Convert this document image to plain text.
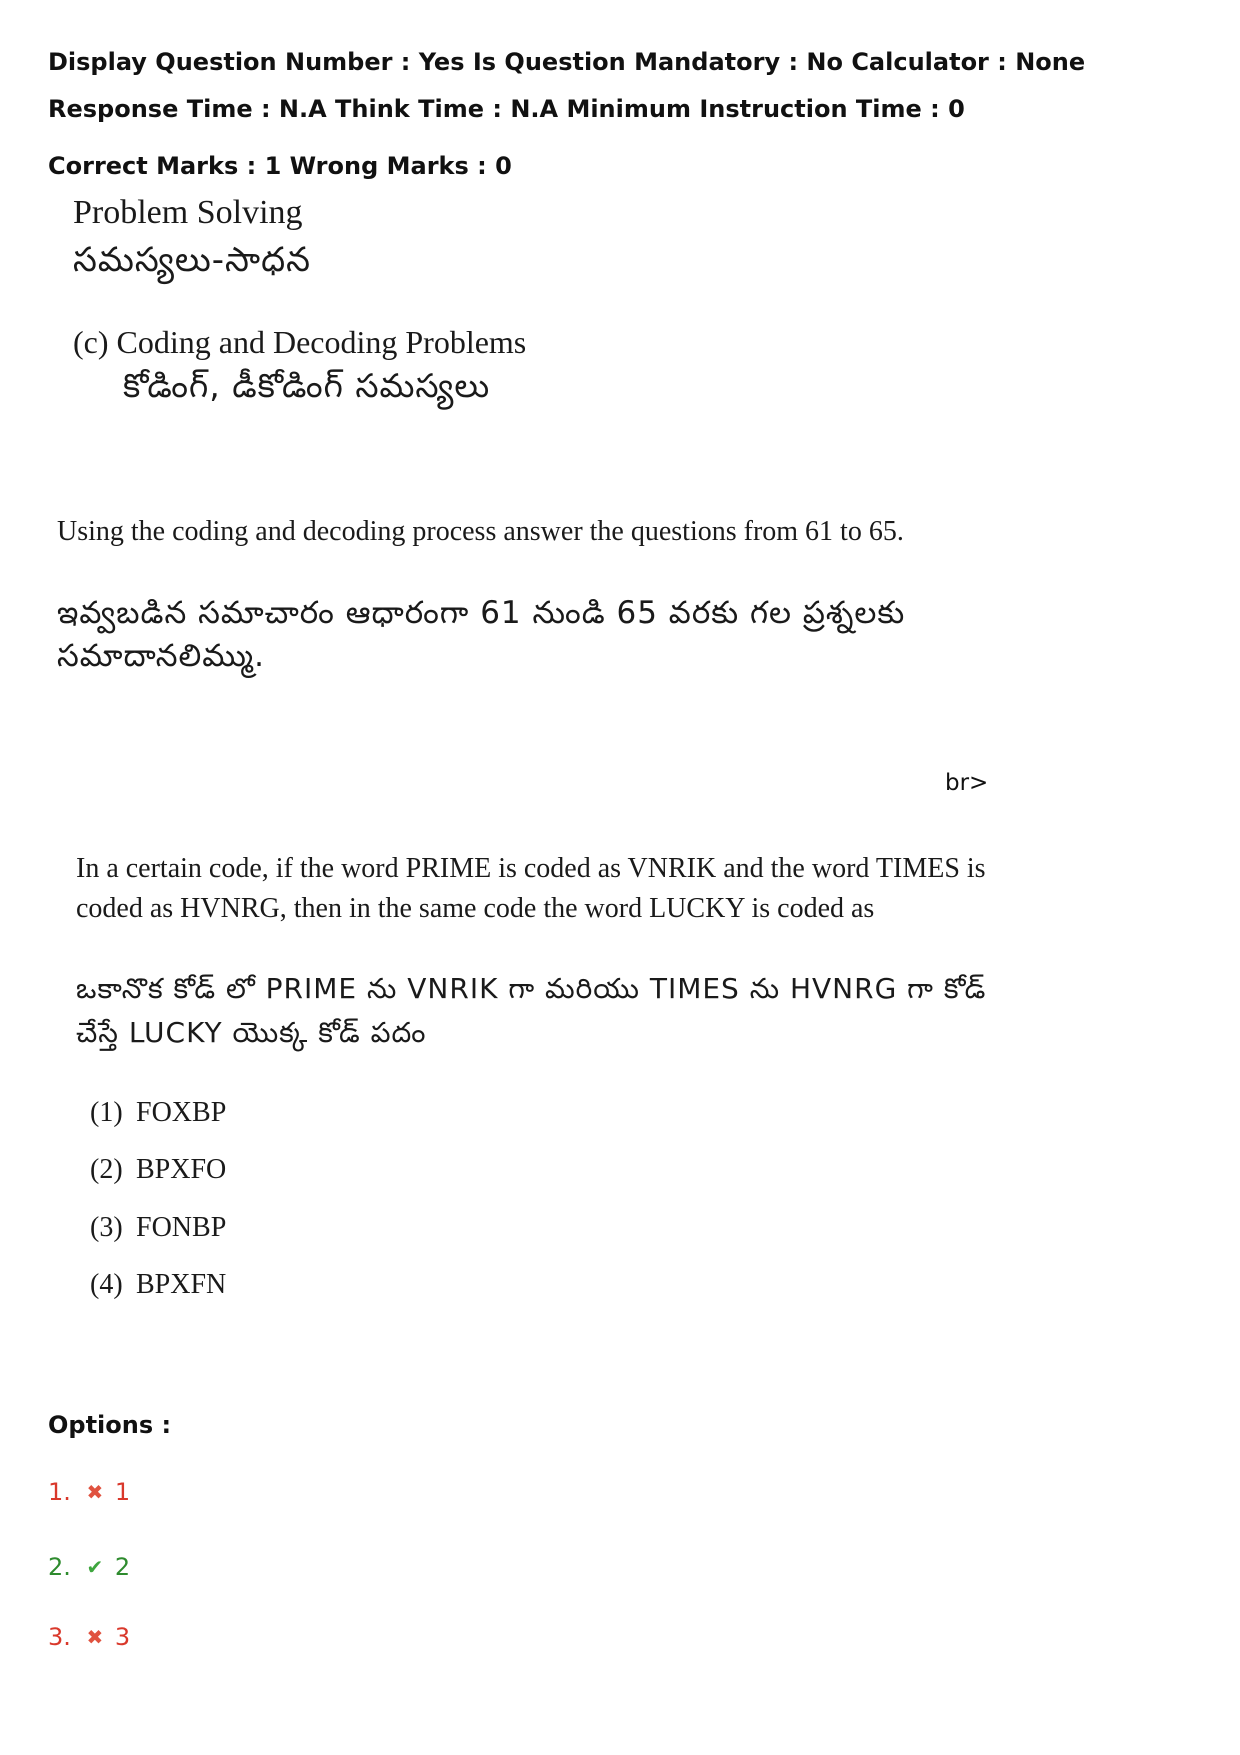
Display Question Number : Yes Is Question Mandatory : No Calculator : None Response Time : N.A Think Time : N.A Minimum Instruction Time : 0
Correct Marks : 1 Wrong Marks : 0
Problem Solving
సమస్యలు-సాధన
(c) Coding and Decoding Problems
కోడింగ్, డీకోడింగ్ సమస్యలు
Using the coding and decoding process answer the questions from 61 to 65.
ఇవ్వబడిన సమాచారం ఆధారంగా 61 నుండి 65 వరకు గల ప్రశ్నలకు
సమాదానలిమ్ము.
br>
In a certain code, if the word PRIME is coded as VNRIK and the word TIMES is
coded as HVNRG, then in the same code the word LUCKY is coded as
ఒకానొక కోడ్ లో PRIME ను VNRIK గా మరియు TIMES ను HVNRG గా కోడ్
చేస్తే LUCKY యొక్క కోడ్ పదం
(1) FOXBP
(2) BPXFO
(3) FONBP
(4) BPXFN
Options :
1. ✖ 1
2. ✔ 2
3. ✖ 3
